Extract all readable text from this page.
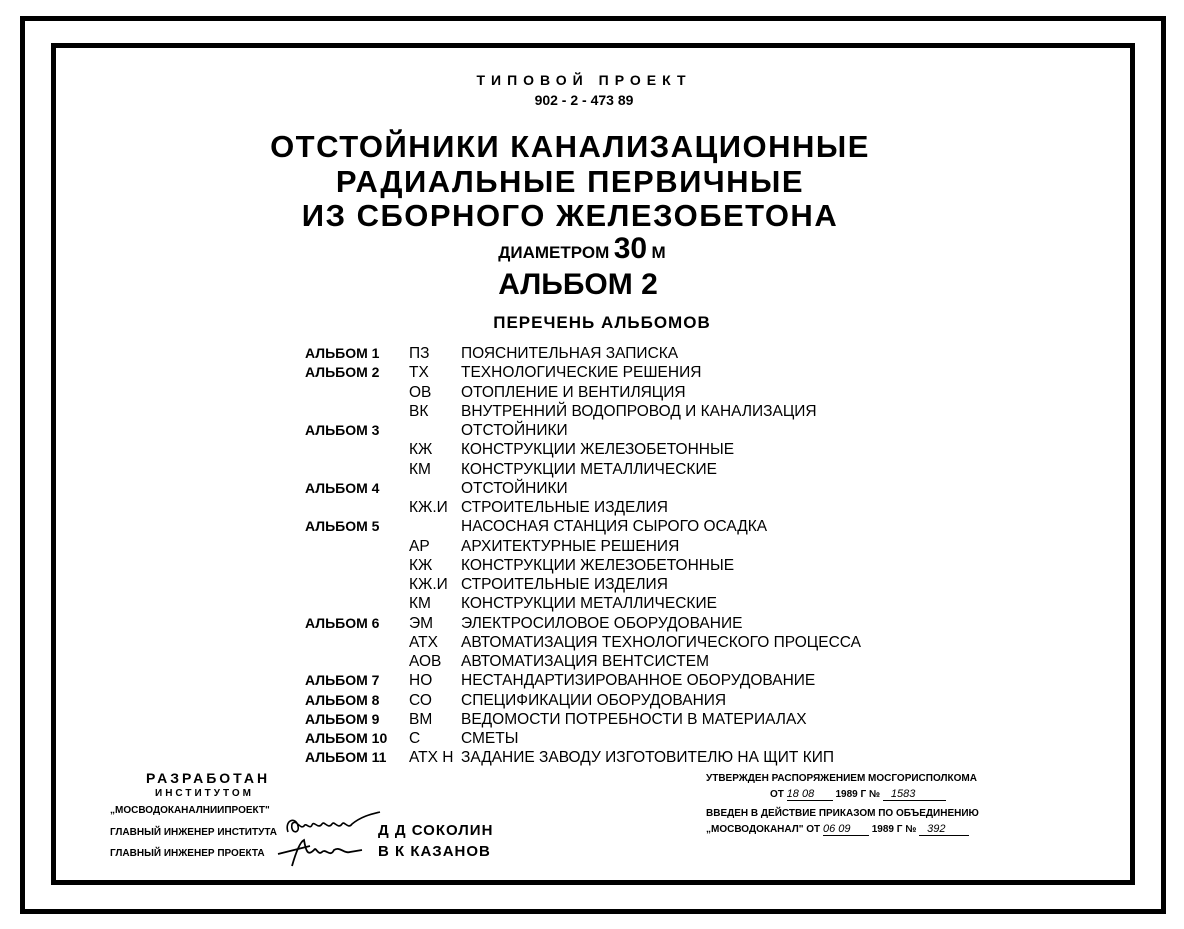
ТИПОВОЙ ПРОЕКТ
902 - 2 - 473 89
ОТСТОЙНИКИ КАНАЛИЗАЦИОННЫЕ
РАДИАЛЬНЫЕ ПЕРВИЧНЫЕ
ИЗ СБОРНОГО ЖЕЛЕЗОБЕТОНА
ДИАМЕТРОМ 30 М
АЛЬБОМ 2
ПЕРЕЧЕНЬ АЛЬБОМОВ
АЛЬБОМ 1 ПЗ ПОЯСНИТЕЛЬНАЯ ЗАПИСКА
АЛЬБОМ 2 ТХ ТЕХНОЛОГИЧЕСКИЕ РЕШЕНИЯ
ОВ ОТОПЛЕНИЕ И ВЕНТИЛЯЦИЯ
ВК ВНУТРЕННИЙ ВОДОПРОВОД И КАНАЛИЗАЦИЯ
АЛЬБОМ 3	ОТСТОЙНИКИ
КЖ КОНСТРУКЦИИ ЖЕЛЕЗОБЕТОННЫЕ
КМ КОНСТРУКЦИИ МЕТАЛЛИЧЕСКИЕ
АЛЬБОМ 4	ОТСТОЙНИКИ
КЖ.И СТРОИТЕЛЬНЫЕ ИЗДЕЛИЯ
АЛЬБОМ 5	НАСОСНАЯ СТАНЦИЯ СЫРОГО ОСАДКА
АР АРХИТЕКТУРНЫЕ РЕШЕНИЯ
КЖ КОНСТРУКЦИИ ЖЕЛЕЗОБЕТОННЫЕ
КЖ.И СТРОИТЕЛЬНЫЕ ИЗДЕЛИЯ
КМ КОНСТРУКЦИИ МЕТАЛЛИЧЕСКИЕ
АЛЬБОМ 6 ЭМ ЭЛЕКТРОСИЛОВОЕ ОБОРУДОВАНИЕ
АТХ АВТОМАТИЗАЦИЯ ТЕХНОЛОГИЧЕСКОГО ПРОЦЕССА
АОВ АВТОМАТИЗАЦИЯ ВЕНТСИСТЕМ
АЛЬБОМ 7 НО НЕСТАНДАРТИЗИРОВАННОЕ ОБОРУДОВАНИЕ
АЛЬБОМ 8 СО СПЕЦИФИКАЦИИ ОБОРУДОВАНИЯ
АЛЬБОМ 9 ВМ ВЕДОМОСТИ ПОТРЕБНОСТИ В МАТЕРИАЛАХ
АЛЬБОМ 10 С	СМЕТЫ
АЛЬБОМ 11 АТХ Н ЗАДАНИЕ ЗАВОДУ ИЗГОТОВИТЕЛЮ НА ЩИТ КИП
РАЗРАБОТАН
ИНСТИТУТОМ
„МОСВОДОКАНАЛНИИПРОЕКТ"
ГЛАВНЫЙ ИНЖЕНЕР ИНСТИТУТА
ГЛАВНЫЙ ИНЖЕНЕР ПРОЕКТА
Д Д СОКОЛИН
В К КАЗАНОВ
УТВЕРЖДЕН РАСПОРЯЖЕНИЕМ МОСГОРИСПОЛКОМА
ОТ 18 08 1989 Г № 1583
ВВЕДЕН В ДЕЙСТВИЕ ПРИКАЗОМ ПО ОБЪЕДИНЕНИЮ
„МОСВОДОКАНАЛ" ОТ 06 09 1989 Г № 392
